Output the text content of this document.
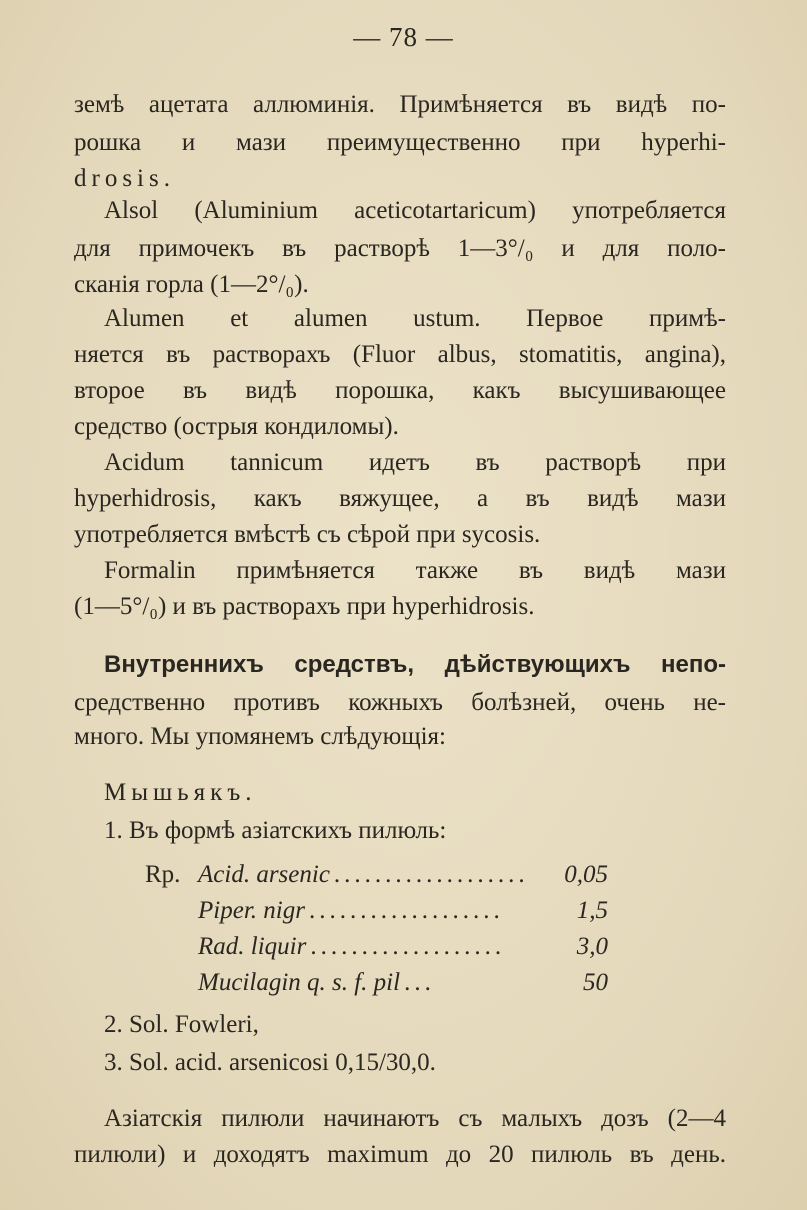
— 78 —
земѣ ацетата аллюминія. Примѣняется въ видѣ по-
рошка и мази преимущественно при hyperhi-
drosis.
Alsol (Aluminium aceticotartaricum) употребляется
для примочекъ въ растворѣ 1—3°/₀ и для поло-
сканія горла (1—2°/₀).
Alumen et alumen ustum. Первое примѣ-
няется въ растворахъ (Fluor albus, stomatitis, angina),
второе въ видѣ порошка, какъ высушивающее
средство (острыя кондиломы).
Acidum tannicum идетъ въ растворѣ при
hyperhidrosis, какъ вяжущее, а въ видѣ мази
употребляется вмѣстѣ съ сѣрой при sycosis.
Formalin примѣняется также въ видѣ мази
(1—5°/₀) и въ растворахъ при hyperhidrosis.
Внутреннихъ средствъ, дѣйствующихъ непо-
средственно противъ кожныхъ болѣзней, очень не-
много. Мы упомянемъ слѣдующія:
Мышьякъ.
1. Въ формѣ азіатскихъ пилюль:
Rp. Acid. arsenic ...................	0,05
Piper. nigr ...................	1,5
Rad. liquir ...................	3,0
Mucilagin q. s. f. pil ...	50
2. Sol. Fowleri,
3. Sol. acid. arsenicosi 0,15/30,0.
Азіатскія пилюли начинаютъ съ малыхъ дозъ (2—4
пилюли) и доходятъ maximum до 20 пилюль въ день.
